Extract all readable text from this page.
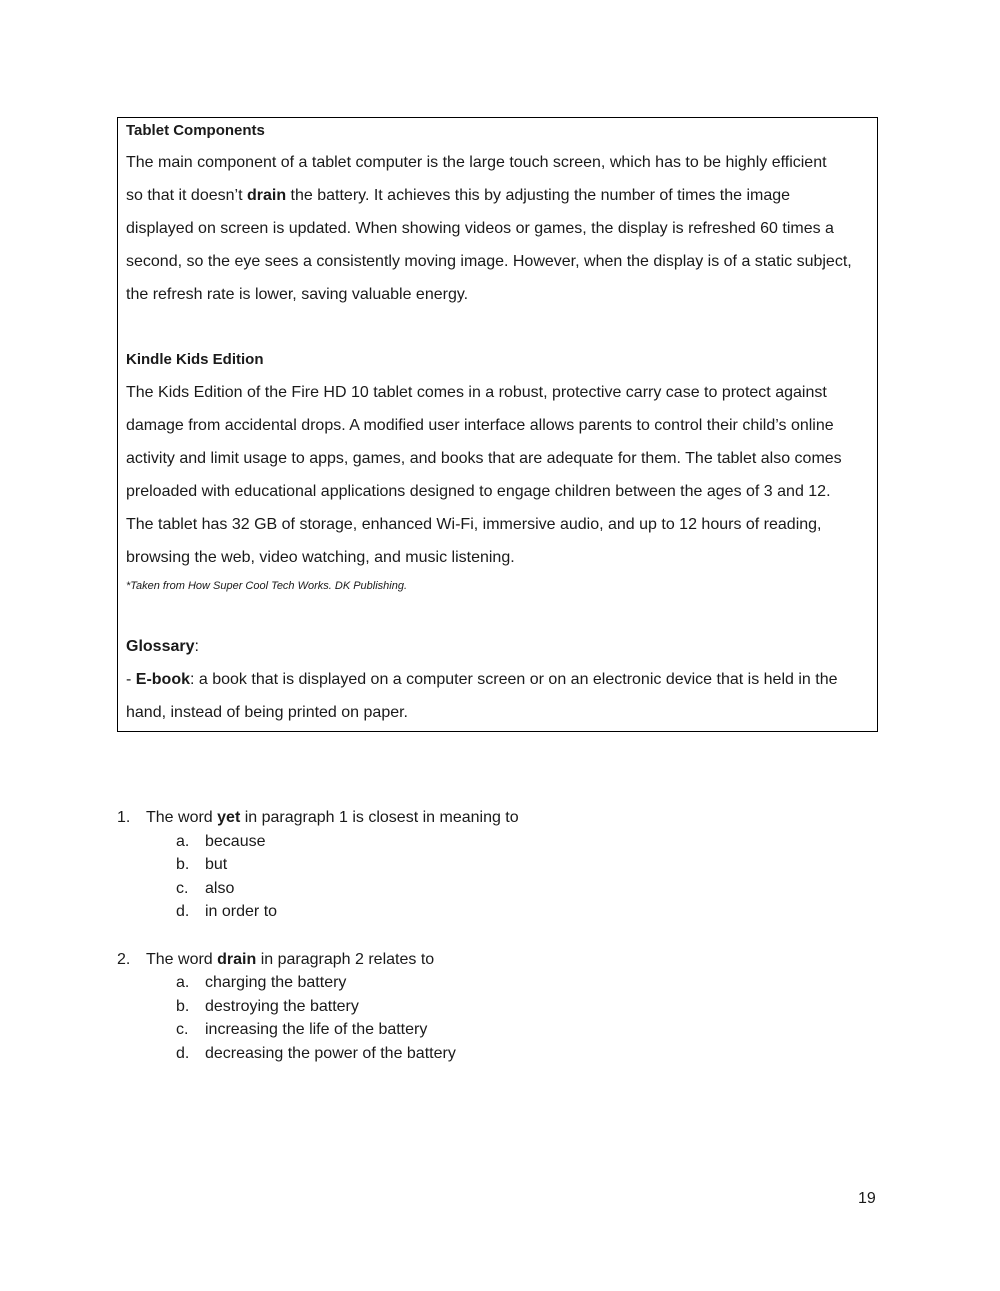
Tablet Components
The main component of a tablet computer is the large touch screen, which has to be highly efficient
so that it doesn’t drain the battery. It achieves this by adjusting the number of times the image
displayed on screen is updated. When showing videos or games, the display is refreshed 60 times a
second, so the eye sees a consistently moving image. However, when the display is of a static subject,
the refresh rate is lower, saving valuable energy.
Kindle Kids Edition
The Kids Edition of the Fire HD 10 tablet comes in a robust, protective carry case to protect against
damage from accidental drops. A modified user interface allows parents to control their child’s online
activity and limit usage to apps, games, and books that are adequate for them. The tablet also comes
preloaded with educational applications designed to engage children between the ages of 3 and 12.
The tablet has 32 GB of storage, enhanced Wi-Fi, immersive audio, and up to 12 hours of reading,
browsing the web, video watching, and music listening.
*Taken from How Super Cool Tech Works. DK Publishing.
Glossary:
- E-book: a book that is displayed on a computer screen or on an electronic device that is held in the
hand, instead of being printed on paper.
1. The word yet in paragraph 1 is closest in meaning to
a. because
b. but
c. also
d. in order to
2. The word drain in paragraph 2 relates to
a. charging the battery
b. destroying the battery
c. increasing the life of the battery
d. decreasing the power of the battery
19
